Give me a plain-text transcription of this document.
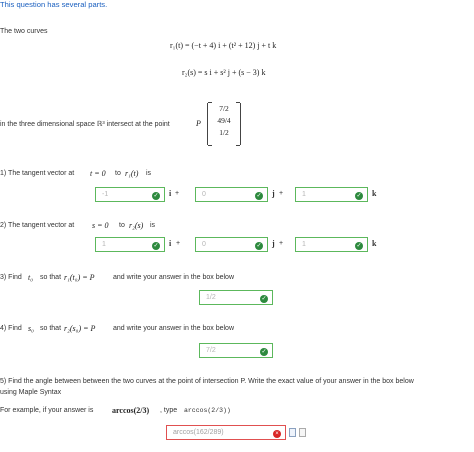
This question has several parts.
The two curves
r₁(t) = (−t + 4) i + (t² + 12) j + t k
r₂(s) = s i + s² j + (s − 3) k
in the three dimensional space ℝ³ intersect at the point	P
7/2
49/4
1/2
1) The tangent vector at t = 0 to r₁(t) is
-1	✓ i +	0	✓ j +	1	✓ k
2) The tangent vector at s = 0 to r₂(s) is
1	✓ i +	0	✓ j +	1	✓ k
3) Find t₀ so that r₁(t₀) = P	and write your answer in the box below
1/2	✓
4) Find s₀ so that r₂(s₀) = P	and write your answer in the box below
7/2	✓
5) Find the angle between between the two curves at the point of intersection P. Write the exact value of your answer in the box below
using Maple Syntax
For example, if your answer is arccos(2/3) , type arccos(2/3))
arccos(162/289)	×
